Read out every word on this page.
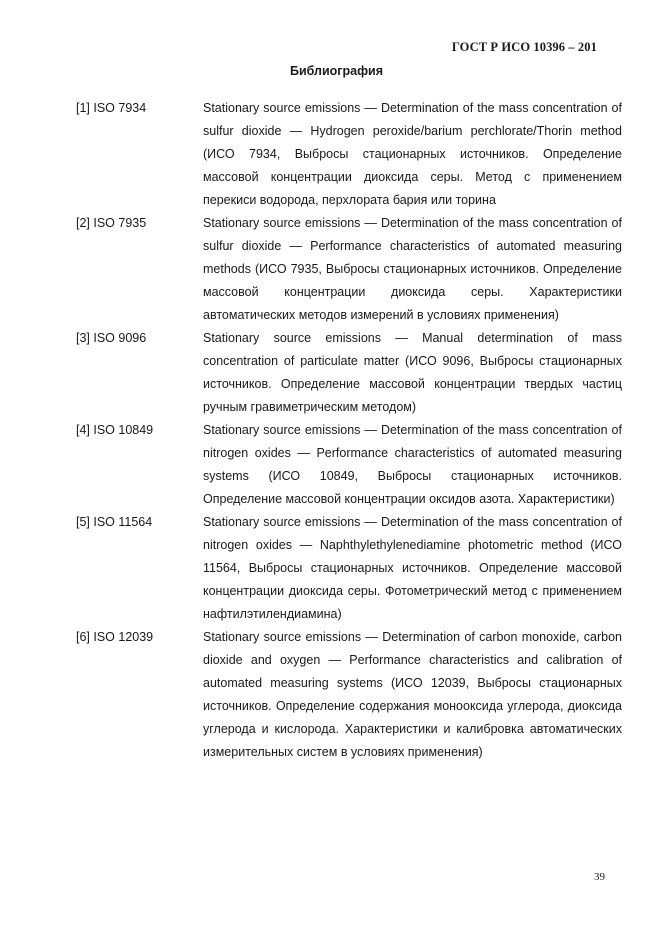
ГОСТ Р ИСО 10396 – 201
Библиография
[1] ISO 7934	Stationary source emissions — Determination of the mass concentration of sulfur dioxide — Hydrogen peroxide/barium perchlorate/Thorin method (ИСО 7934, Выбросы стационарных источников. Определение массовой концентрации диоксида серы. Метод с применением перекиси водорода, перхлората бария или торина

[2] ISO 7935	Stationary source emissions — Determination of the mass concentration of sulfur dioxide — Performance characteristics of automated measuring methods (ИСО 7935, Выбросы стационарных источников. Определение массовой концентрации диоксида серы. Характеристики автоматических методов измерений в условиях применения)

[3] ISO 9096	Stationary source emissions — Manual determination of mass concentration of particulate matter (ИСО 9096, Выбросы стационарных источников. Определение массовой концентрации твердых частиц ручным гравиметрическим методом)

[4] ISO 10849	Stationary source emissions — Determination of the mass concentration of nitrogen oxides — Performance characteristics of automated measuring systems (ИСО 10849, Выбросы стационарных источников. Определение массовой концентрации оксидов азота. Характеристики)

[5] ISO 11564	Stationary source emissions — Determination of the mass concentration of nitrogen oxides — Naphthylethylenediamine photometric method (ИСО 11564, Выбросы стационарных источников. Определение массовой концентрации диоксида серы. Фотометрический метод с применением нафтилэтилендиамина)

[6] ISO 12039	Stationary source emissions — Determination of carbon monoxide, carbon dioxide and oxygen — Performance characteristics and calibration of automated measuring systems (ИСО 12039, Выбросы стационарных источников. Определение содержания монооксида углерода, диоксида углерода и кислорода. Характеристики и калибровка автоматических измерительных систем в условиях применения)

39
